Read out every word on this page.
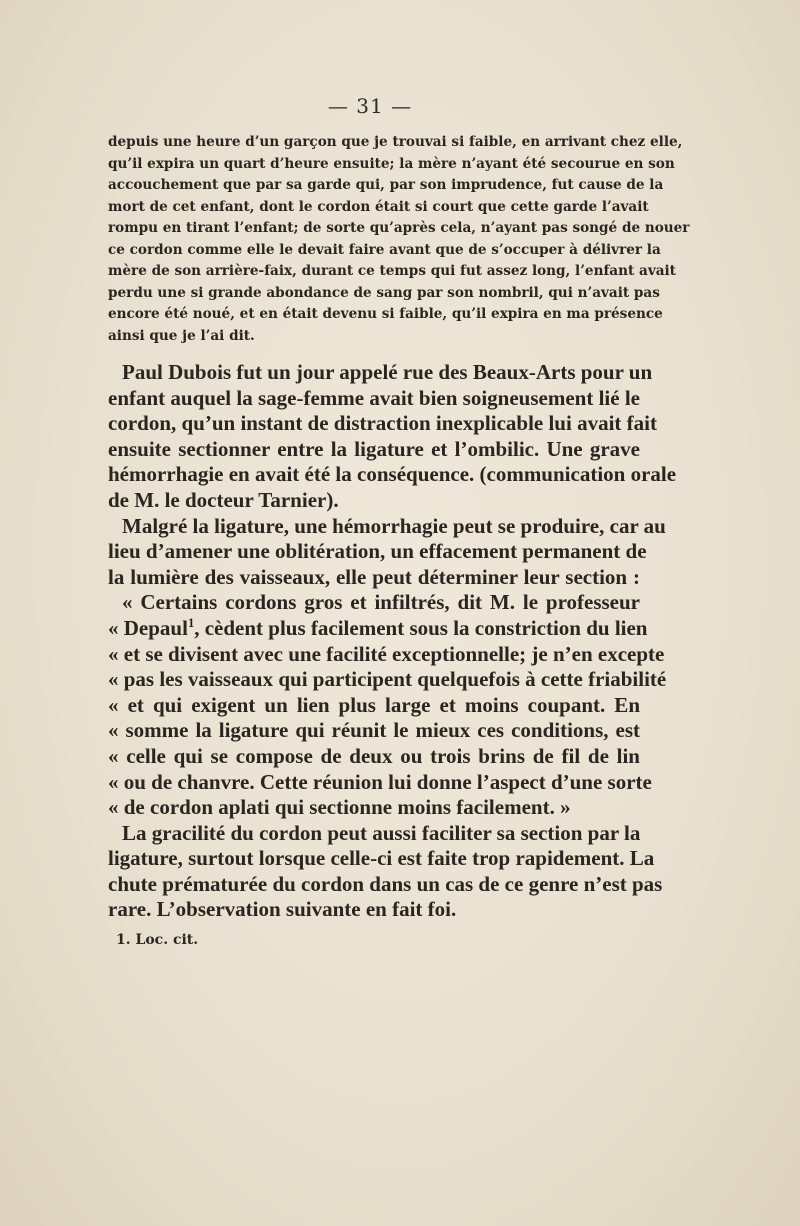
— 31 —
depuis une heure d’un garçon que je trouvai si faible, en arrivant chez elle,
qu’il expira un quart d’heure ensuite; la mère n’ayant été secourue en son
accouchement que par sa garde qui, par son imprudence, fut cause de la
mort de cet enfant, dont le cordon était si court que cette garde l’avait
rompu en tirant l’enfant; de sorte qu’après cela, n’ayant pas songé de nouer
ce cordon comme elle le devait faire avant que de s’occuper à délivrer la
mère de son arrière-faix, durant ce temps qui fut assez long, l’enfant avait
perdu une si grande abondance de sang par son nombril, qui n’avait pas
encore été noué, et en était devenu si faible, qu’il expira en ma présence
ainsi que je l’ai dit.
Paul Dubois fut un jour appelé rue des Beaux-Arts pour un
enfant auquel la sage-femme avait bien soigneusement lié le
cordon, qu’un instant de distraction inexplicable lui avait fait
ensuite sectionner entre la ligature et l’ombilic. Une grave
hémorrhagie en avait été la conséquence. (communication orale
de M. le docteur Tarnier).
Malgré la ligature, une hémorrhagie peut se produire, car au
lieu d’amener une oblitération, un effacement permanent de
la lumière des vaisseaux, elle peut déterminer leur section :
« Certains cordons gros et infiltrés, dit M. le professeur
« Depaul$^1$, cèdent plus facilement sous la constriction du lien
« et se divisent avec une facilité exceptionnelle; je n’en excepte
« pas les vaisseaux qui participent quelquefois à cette friabilité
« et qui exigent un lien plus large et moins coupant. En
« somme la ligature qui réunit le mieux ces conditions, est
« celle qui se compose de deux ou trois brins de fil de lin
« ou de chanvre. Cette réunion lui donne l’aspect d’une sorte
« de cordon aplati qui sectionne moins facilement. »
La gracilité du cordon peut aussi faciliter sa section par la
ligature, surtout lorsque celle-ci est faite trop rapidement. La
chute prématurée du cordon dans un cas de ce genre n’est pas
rare. L’observation suivante en fait foi.
1. Loc. cit.
